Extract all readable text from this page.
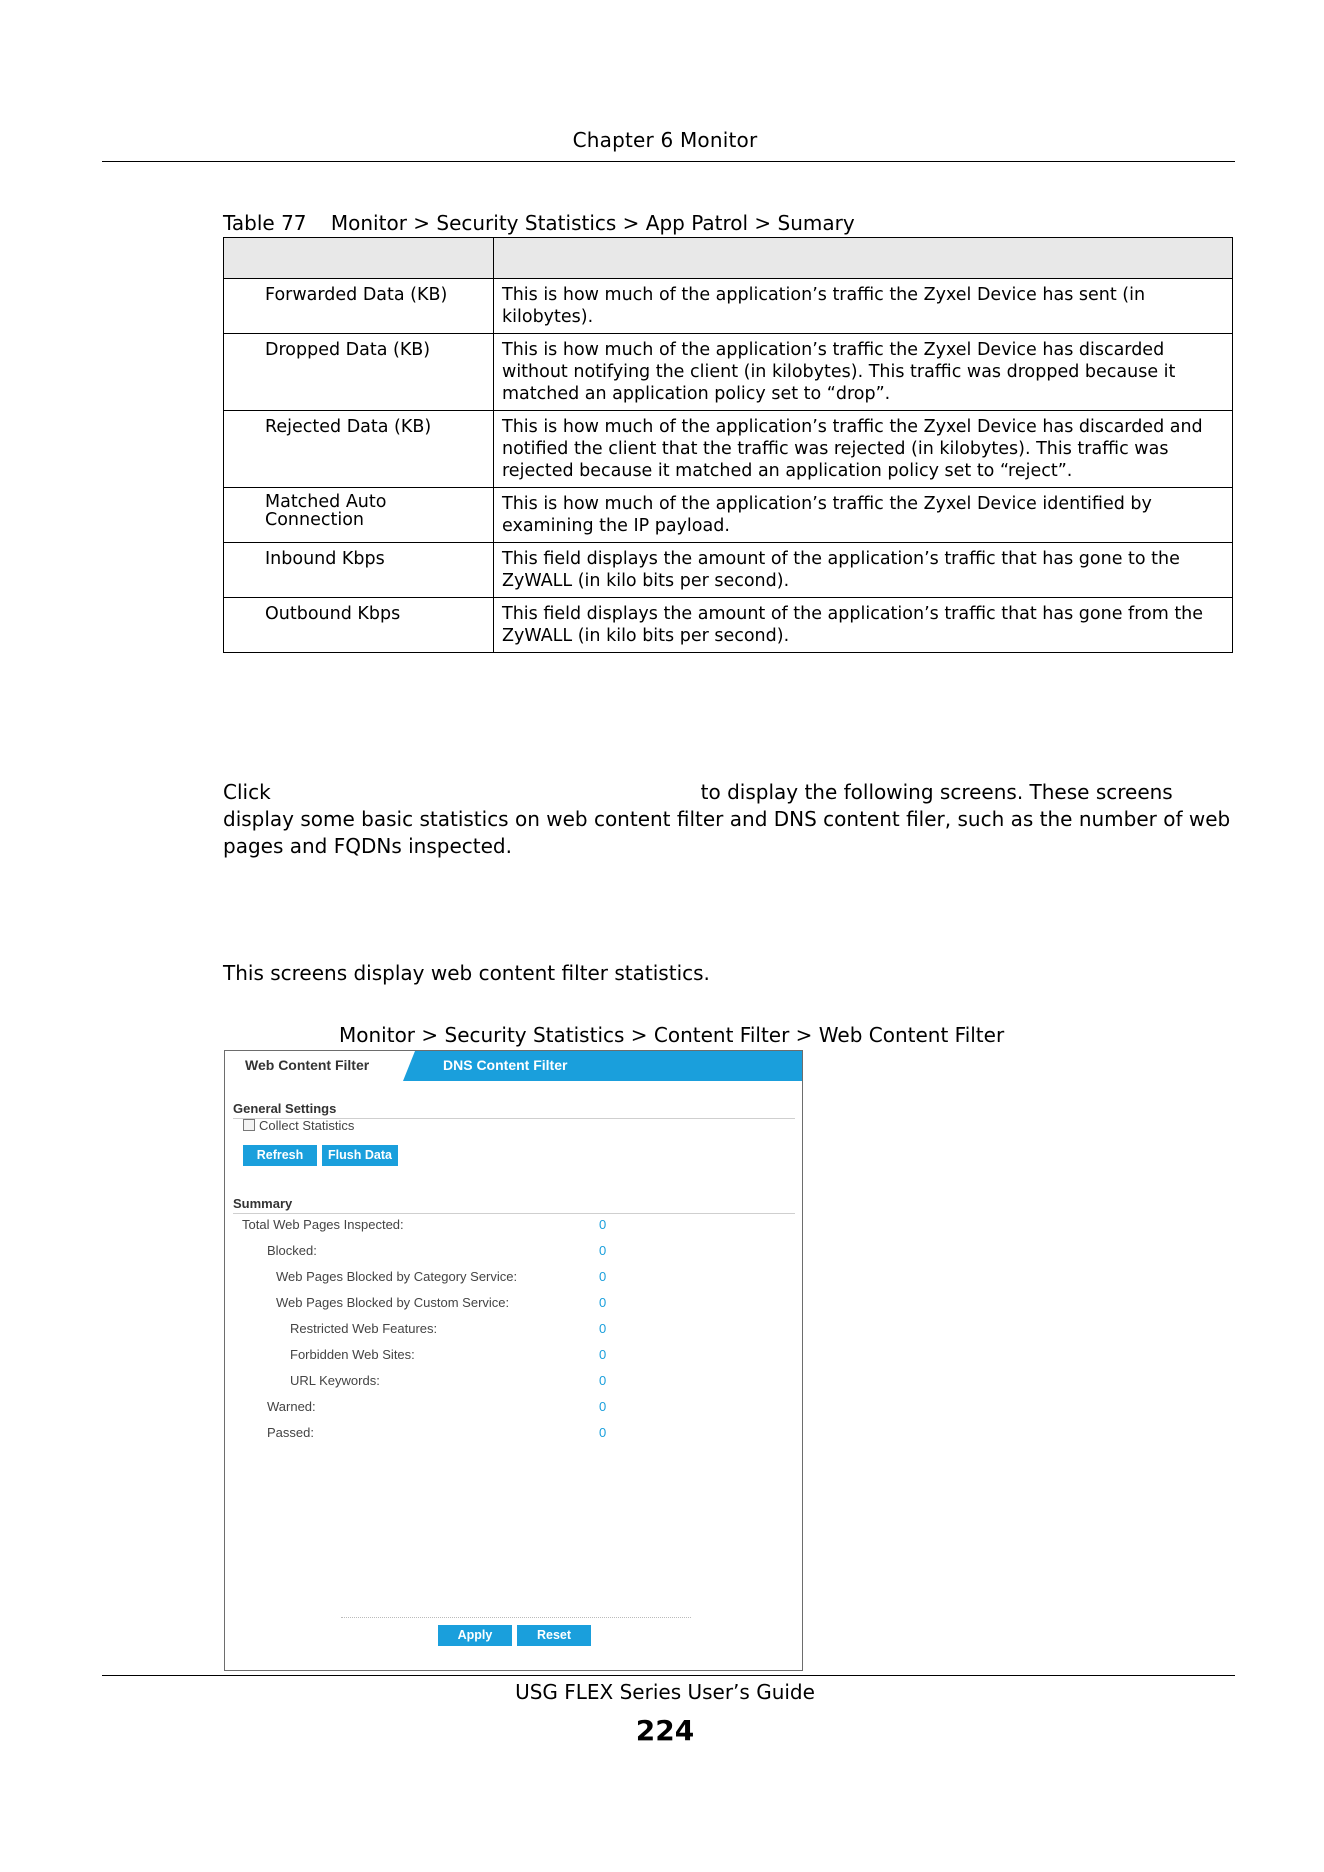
Chapter 6 Monitor
Table 77 Monitor > Security Statistics > App Patrol > Sumary

Forwarded Data (KB)	This is how much of the application’s traffic the Zyxel Device has sent (in kilobytes).
Dropped Data (KB)	This is how much of the application’s traffic the Zyxel Device has discarded without notifying the client (in kilobytes). This traffic was dropped because it matched an application policy set to “drop”.
Rejected Data (KB)	This is how much of the application’s traffic the Zyxel Device has discarded and notified the client that the traffic was rejected (in kilobytes). This traffic was rejected because it matched an application policy set to “reject”.
Matched Auto Connection	This is how much of the application’s traffic the Zyxel Device identified by examining the IP payload.
Inbound Kbps	This field displays the amount of the application’s traffic that has gone to the ZyWALL (in kilo bits per second).
Outbound Kbps	This field displays the amount of the application’s traffic that has gone from the ZyWALL (in kilo bits per second).
Click	to display the following screens. These screens display some basic statistics on web content filter and DNS content filer, such as the number of web pages and FQDNs inspected.
This screens display web content filter statistics.
Monitor > Security Statistics > Content Filter > Web Content Filter
Web Content Filter	DNS Content Filter
General Settings
Collect Statistics
Refresh	Flush Data
Summary
Total Web Pages Inspected:	0
Blocked:	0
Web Pages Blocked by Category Service:	0
Web Pages Blocked by Custom Service:	0
Restricted Web Features:	0
Forbidden Web Sites:	0
URL Keywords:	0
Warned:	0
Passed:	0
Apply	Reset
USG FLEX Series User’s Guide
224
